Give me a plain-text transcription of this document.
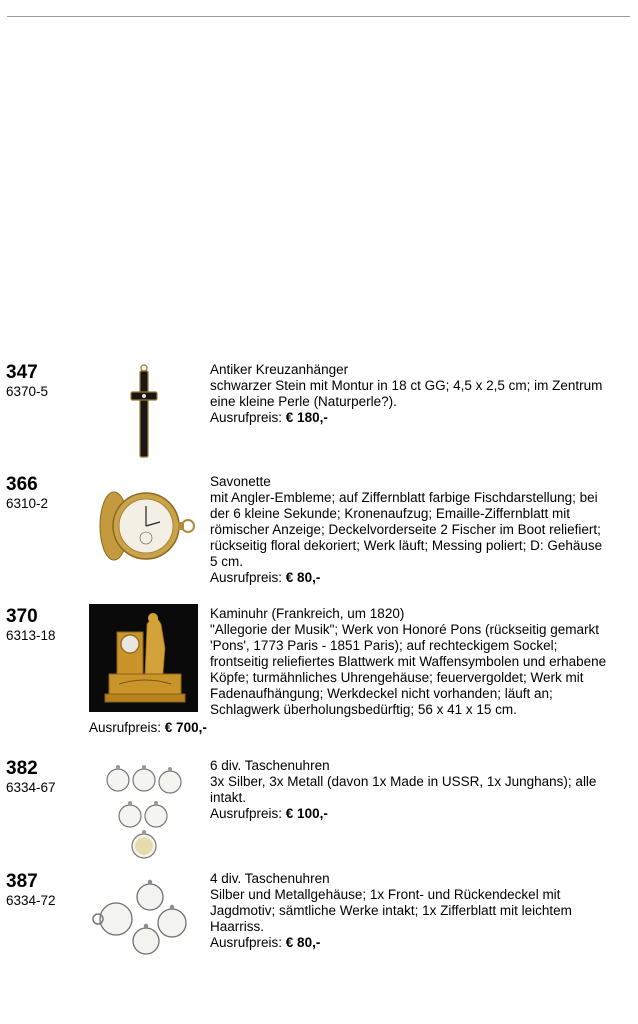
347
6370-5
Antiker Kreuzanhänger
schwarzer Stein mit Montur in 18 ct GG; 4,5 x 2,5 cm; im Zentrum
eine kleine Perle (Naturperle?).
Ausrufpreis: € 180,-
366
6310-2
Savonette
mit Angler-Embleme; auf Ziffernblatt farbige Fischdarstellung; bei
der 6 kleine Sekunde; Kronenaufzug; Emaille-Ziffernblatt mit
römischer Anzeige; Deckelvorderseite 2 Fischer im Boot reliefiert;
rückseitig floral dekoriert; Werk läuft; Messing poliert; D: Gehäuse
5 cm.
Ausrufpreis: € 80,-
370
6313-18
Kaminuhr (Frankreich, um 1820)
"Allegorie der Musik"; Werk von Honoré Pons (rückseitig gemarkt
'Pons', 1773 Paris - 1851 Paris); auf rechteckigem Sockel;
frontseitig reliefiertes Blattwerk mit Waffensymbolen und erhabene
Köpfe; turmähnliches Uhrengehäuse; feuervergoldet; Werk mit
Fadenaufhängung; Werkdeckel nicht vorhanden; läuft an;
Schlagwerk überholungsbedürftig; 56 x 41 x 15 cm.
Ausrufpreis: € 700,-
382
6334-67
6 div. Taschenuhren
3x Silber, 3x Metall (davon 1x Made in USSR, 1x Junghans); alle
intakt.
Ausrufpreis: € 100,-
387
6334-72
4 div. Taschenuhren
Silber und Metallgehäuse; 1x Front- und Rückendeckel mit
Jagdmotiv; sämtliche Werke intakt; 1x Zifferblatt mit leichtem
Haarriss.
Ausrufpreis: € 80,-
